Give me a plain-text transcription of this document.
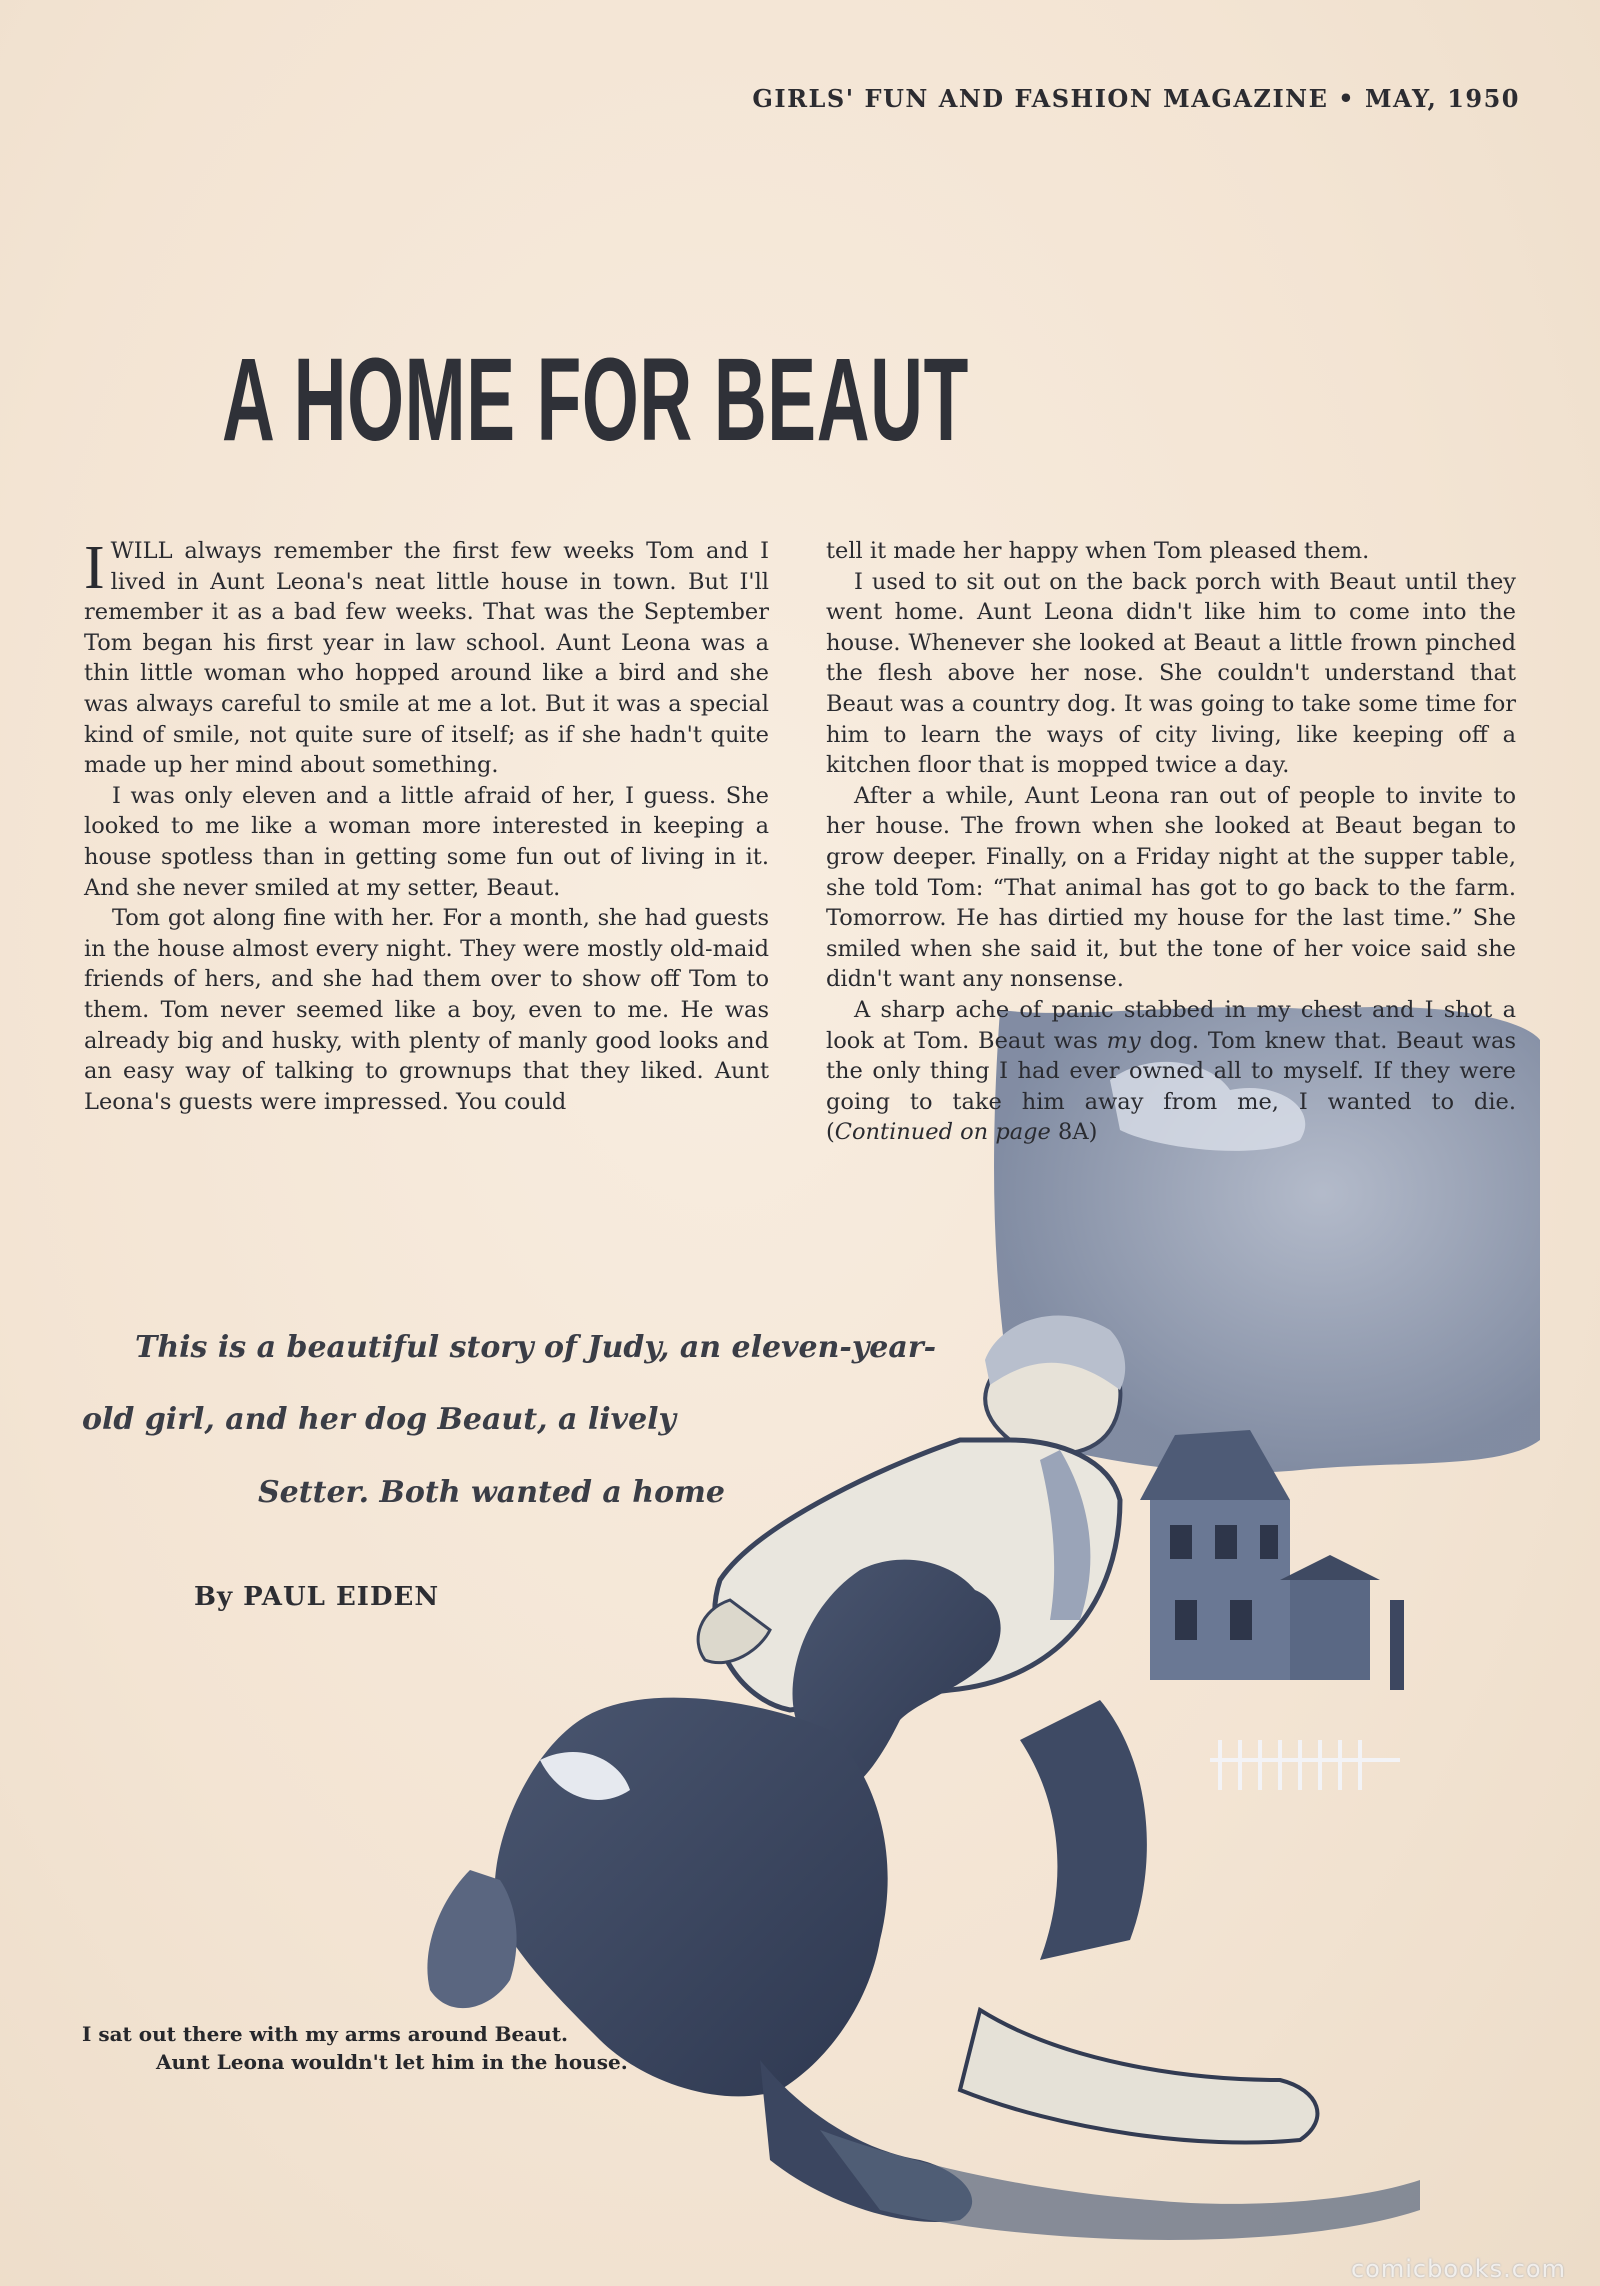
GIRLS' FUN AND FASHION MAGAZINE • MAY, 1950
A HOME FOR BEAUT

I WILL always remember the first few weeks Tom and I lived in Aunt Leona's neat little house in town. But I'll remember it as a bad few weeks. That was the September Tom began his first year in law school. Aunt Leona was a thin little woman who hopped around like a bird and she was always careful to smile at me a lot. But it was a special kind of smile, not quite sure of itself; as if she hadn't quite made up her mind about something.

I was only eleven and a little afraid of her, I guess. She looked to me like a woman more interested in keeping a house spotless than in getting some fun out of living in it. And she never smiled at my setter, Beaut.

Tom got along fine with her. For a month, she had guests in the house almost every night. They were mostly old-maid friends of hers, and she had them over to show off Tom to them. Tom never seemed like a boy, even to me. He was already big and husky, with plenty of manly good looks and an easy way of talking to grownups that they liked. Aunt Leona's guests were impressed. You could

tell it made her happy when Tom pleased them.

I used to sit out on the back porch with Beaut until they went home. Aunt Leona didn't like him to come into the house. Whenever she looked at Beaut a little frown pinched the flesh above her nose. She couldn't understand that Beaut was a country dog. It was going to take some time for him to learn the ways of city living, like keeping off a kitchen floor that is mopped twice a day.

After a while, Aunt Leona ran out of people to invite to her house. The frown when she looked at Beaut began to grow deeper. Finally, on a Friday night at the supper table, she told Tom: “That animal has got to go back to the farm. Tomorrow. He has dirtied my house for the last time.” She smiled when she said it, but the tone of her voice said she didn't want any nonsense.

A sharp ache of panic stabbed in my chest and I shot a look at Tom. Beaut was my dog. Tom knew that. Beaut was the only thing I had ever owned all to myself. If they were going to take him away from me, I wanted to die. (Continued on page 8A)

This is a beautiful story of Judy, an eleven-year-
old girl, and her dog Beaut, a lively
Setter. Both wanted a home
By PAUL EIDEN
I sat out there with my arms around Beaut.
Aunt Leona wouldn't let him in the house.
comicbooks.com
